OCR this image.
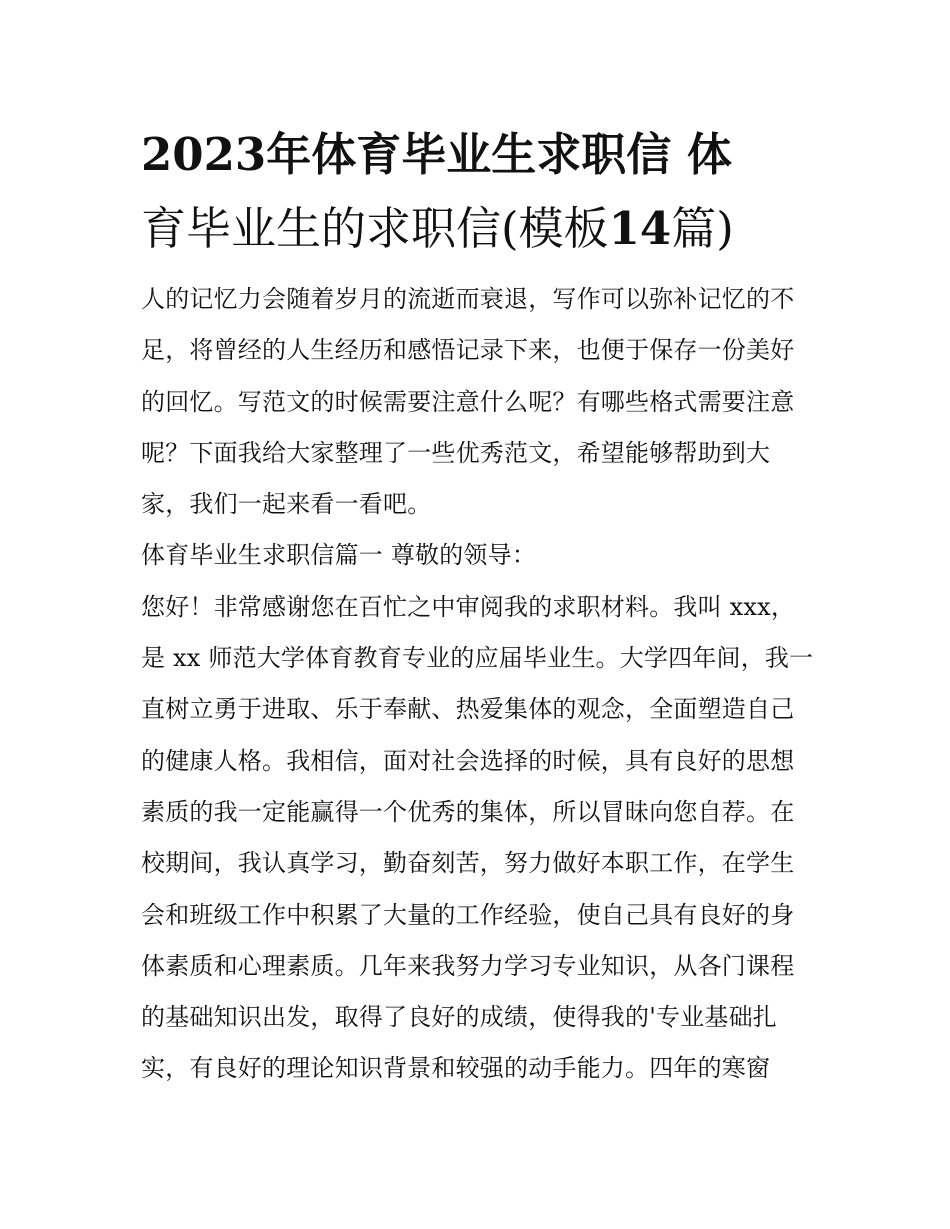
2023年体育毕业生求职信 体
育毕业生的求职信(模板14篇)

人的记忆力会随着岁月的流逝而衰退，写作可以弥补记忆的不足，将曾经的人生经历和感悟记录下来，也便于保存一份美好的回忆。写范文的时候需要注意什么呢？有哪些格式需要注意呢？下面我给大家整理了一些优秀范文，希望能够帮助到大家，我们一起来看一看吧。

体育毕业生求职信篇一 尊敬的领导：

您好！非常感谢您在百忙之中审阅我的求职材料。我叫 xxx，是 xx 师范大学体育教育专业的应届毕业生。大学四年间，我一直树立勇于进取、乐于奉献、热爱集体的观念，全面塑造自己的健康人格。我相信，面对社会选择的时候，具有良好的思想素质的我一定能赢得一个优秀的集体，所以冒昧向您自荐。在校期间，我认真学习，勤奋刻苦，努力做好本职工作，在学生会和班级工作中积累了大量的工作经验，使自己具有良好的身体素质和心理素质。几年来我努力学习专业知识，从各门课程的基础知识出发，取得了良好的成绩，使得我的'专业基础扎实，有良好的理论知识背景和较强的动手能力。四年的寒窗
